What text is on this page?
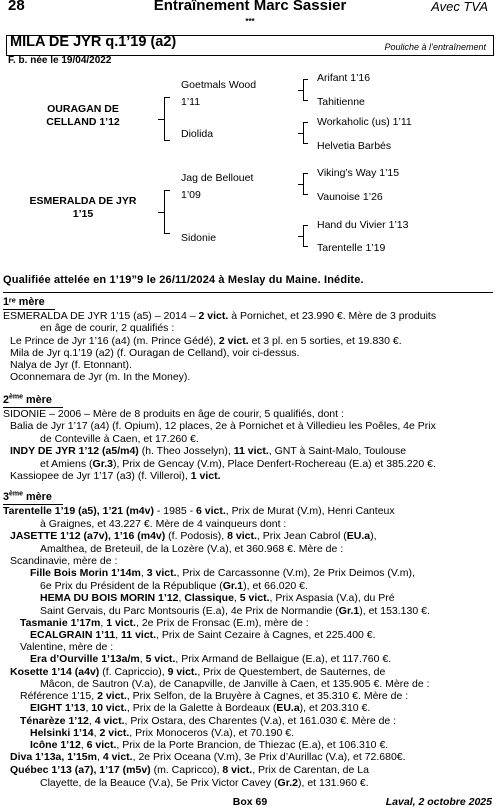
28	Entraînement Marc Sassier	Avec TVA
***
MILA DE JYR q.1’19 (a2)	Pouliche à l’entraînement
F. b. née le 19/04/2022
OURAGAN DE
CELLAND 1’12
ESMERALDA DE JYR
1’15
Goetmals Wood
1’11
Diolida
Jag de Bellouet
1’09
Sidonie
Arifant 1’16
Tahitienne
Workaholic (us) 1’11
Helvetia Barbés
Viking’s Way 1’15
Vaunoise 1’26
Hand du Vivier 1’13
Tarentelle 1’19
Qualifiée attelée en 1’19”9 le 26/11/2024 à Meslay du Maine. Inédite.
1ʳᵉ mère
2ème mère
3ème mère
ESMERALDA DE JYR 1’15 (a5) – 2014 – 2 vict. à Pornichet, et 23.990 €. Mère de 3 produits
en âge de courir, 2 qualifiés :
Le Prince de Jyr 1’16 (a4) (m. Prince Gédé), 2 vict. et 3 pl. en 5 sorties, et 19.830 €.
Mila de Jyr q.1’19 (a2) (f. Ouragan de Celland), voir ci-dessus.
Nalya de Jyr (f. Etonnant).
Oconnemara de Jyr (m. In the Money).
SIDONIE – 2006 – Mère de 8 produits en âge de courir, 5 qualifiés, dont :
Balia de Jyr 1’17 (a4) (f. Opium), 12 places, 2e à Pornichet et à Villedieu les Poêles, 4e Prix
de Conteville à Caen, et 17.260 €.
INDY DE JYR 1’12 (a5/m4) (h. Theo Josselyn), 11 vict., GNT à Saint-Malo, Toulouse
et Amiens (Gr.3), Prix de Gencay (V.m), Place Denfert-Rochereau (E.a) et 385.220 €.
Kassiopee de Jyr 1’17 (a3) (f. Villeroi), 1 vict.
Tarentelle 1’19 (a5), 1’21 (m4v) - 1985 - 6 vict., Prix de Murat (V.m), Henri Canteux
à Graignes, et 43.227 €. Mère de 4 vainqueurs dont :
JASETTE 1’12 (a7v), 1’16 (m4v) (f. Podosis), 8 vict., Prix Jean Cabrol (EU.a),
Amalthea, de Breteuil, de la Lozère (V.a), et 360.968 €. Mère de :
Scandinavie, mère de :
Fille Bois Morin 1’14m, 3 vict., Prix de Carcassonne (V.m), 2e Prix Deimos (V.m),
6e Prix du Président de la République (Gr.1), et 66.020 €.
HEMA DU BOIS MORIN 1’12, Classique, 5 vict., Prix Aspasia (V.a), du Pré
Saint Gervais, du Parc Montsouris (E.a), 4e Prix de Normandie (Gr.1), et 153.130 €.
Tasmanie 1’17m, 1 vict., 2e Prix de Fronsac (E.m), mère de :
ECALGRAIN 1’11, 11 vict., Prix de Saint Cezaire à Cagnes, et 225.400 €.
Valentine, mère de :
Era d’Ourville 1’13a/m, 5 vict., Prix Armand de Bellaigue (E.a), et 117.760 €.
Kosette 1’14 (a4v) (f. Capriccio), 9 vict., Prix de Questembert, de Sauternes, de
Mâcon, de Sautron (V.a), de Canapville, de Janville à Caen, et 135.905 €. Mère de :
Référence 1’15, 2 vict., Prix Selfon, de la Bruyère à Cagnes, et 35.310 €. Mère de :
EIGHT 1’13, 10 vict., Prix de la Galette à Bordeaux (EU.a), et 203.310 €.
Ténarèze 1’12, 4 vict., Prix Ostara, des Charentes (V.a), et 161.030 €. Mère de :
Helsinki 1’14, 2 vict., Prix Monoceros (V.a), et 70.190 €.
Icône 1’12, 6 vict., Prix de la Porte Brancion, de Thiezac (E.a), et 106.310 €.
Diva 1’13a, 1’15m, 4 vict., 2e Prix Oceana (V.m), 3e Prix d’Aurillac (V.a), et 72.680€.
Québec 1’13 (a7), 1’17 (m5v) (m. Capricco), 8 vict., Prix de Carentan, de La
Clayette, de la Beauce (V.a), 5e Prix Victor Cavey (Gr.2), et 131.960 €.
Box 69	Laval, 2 octobre 2025
